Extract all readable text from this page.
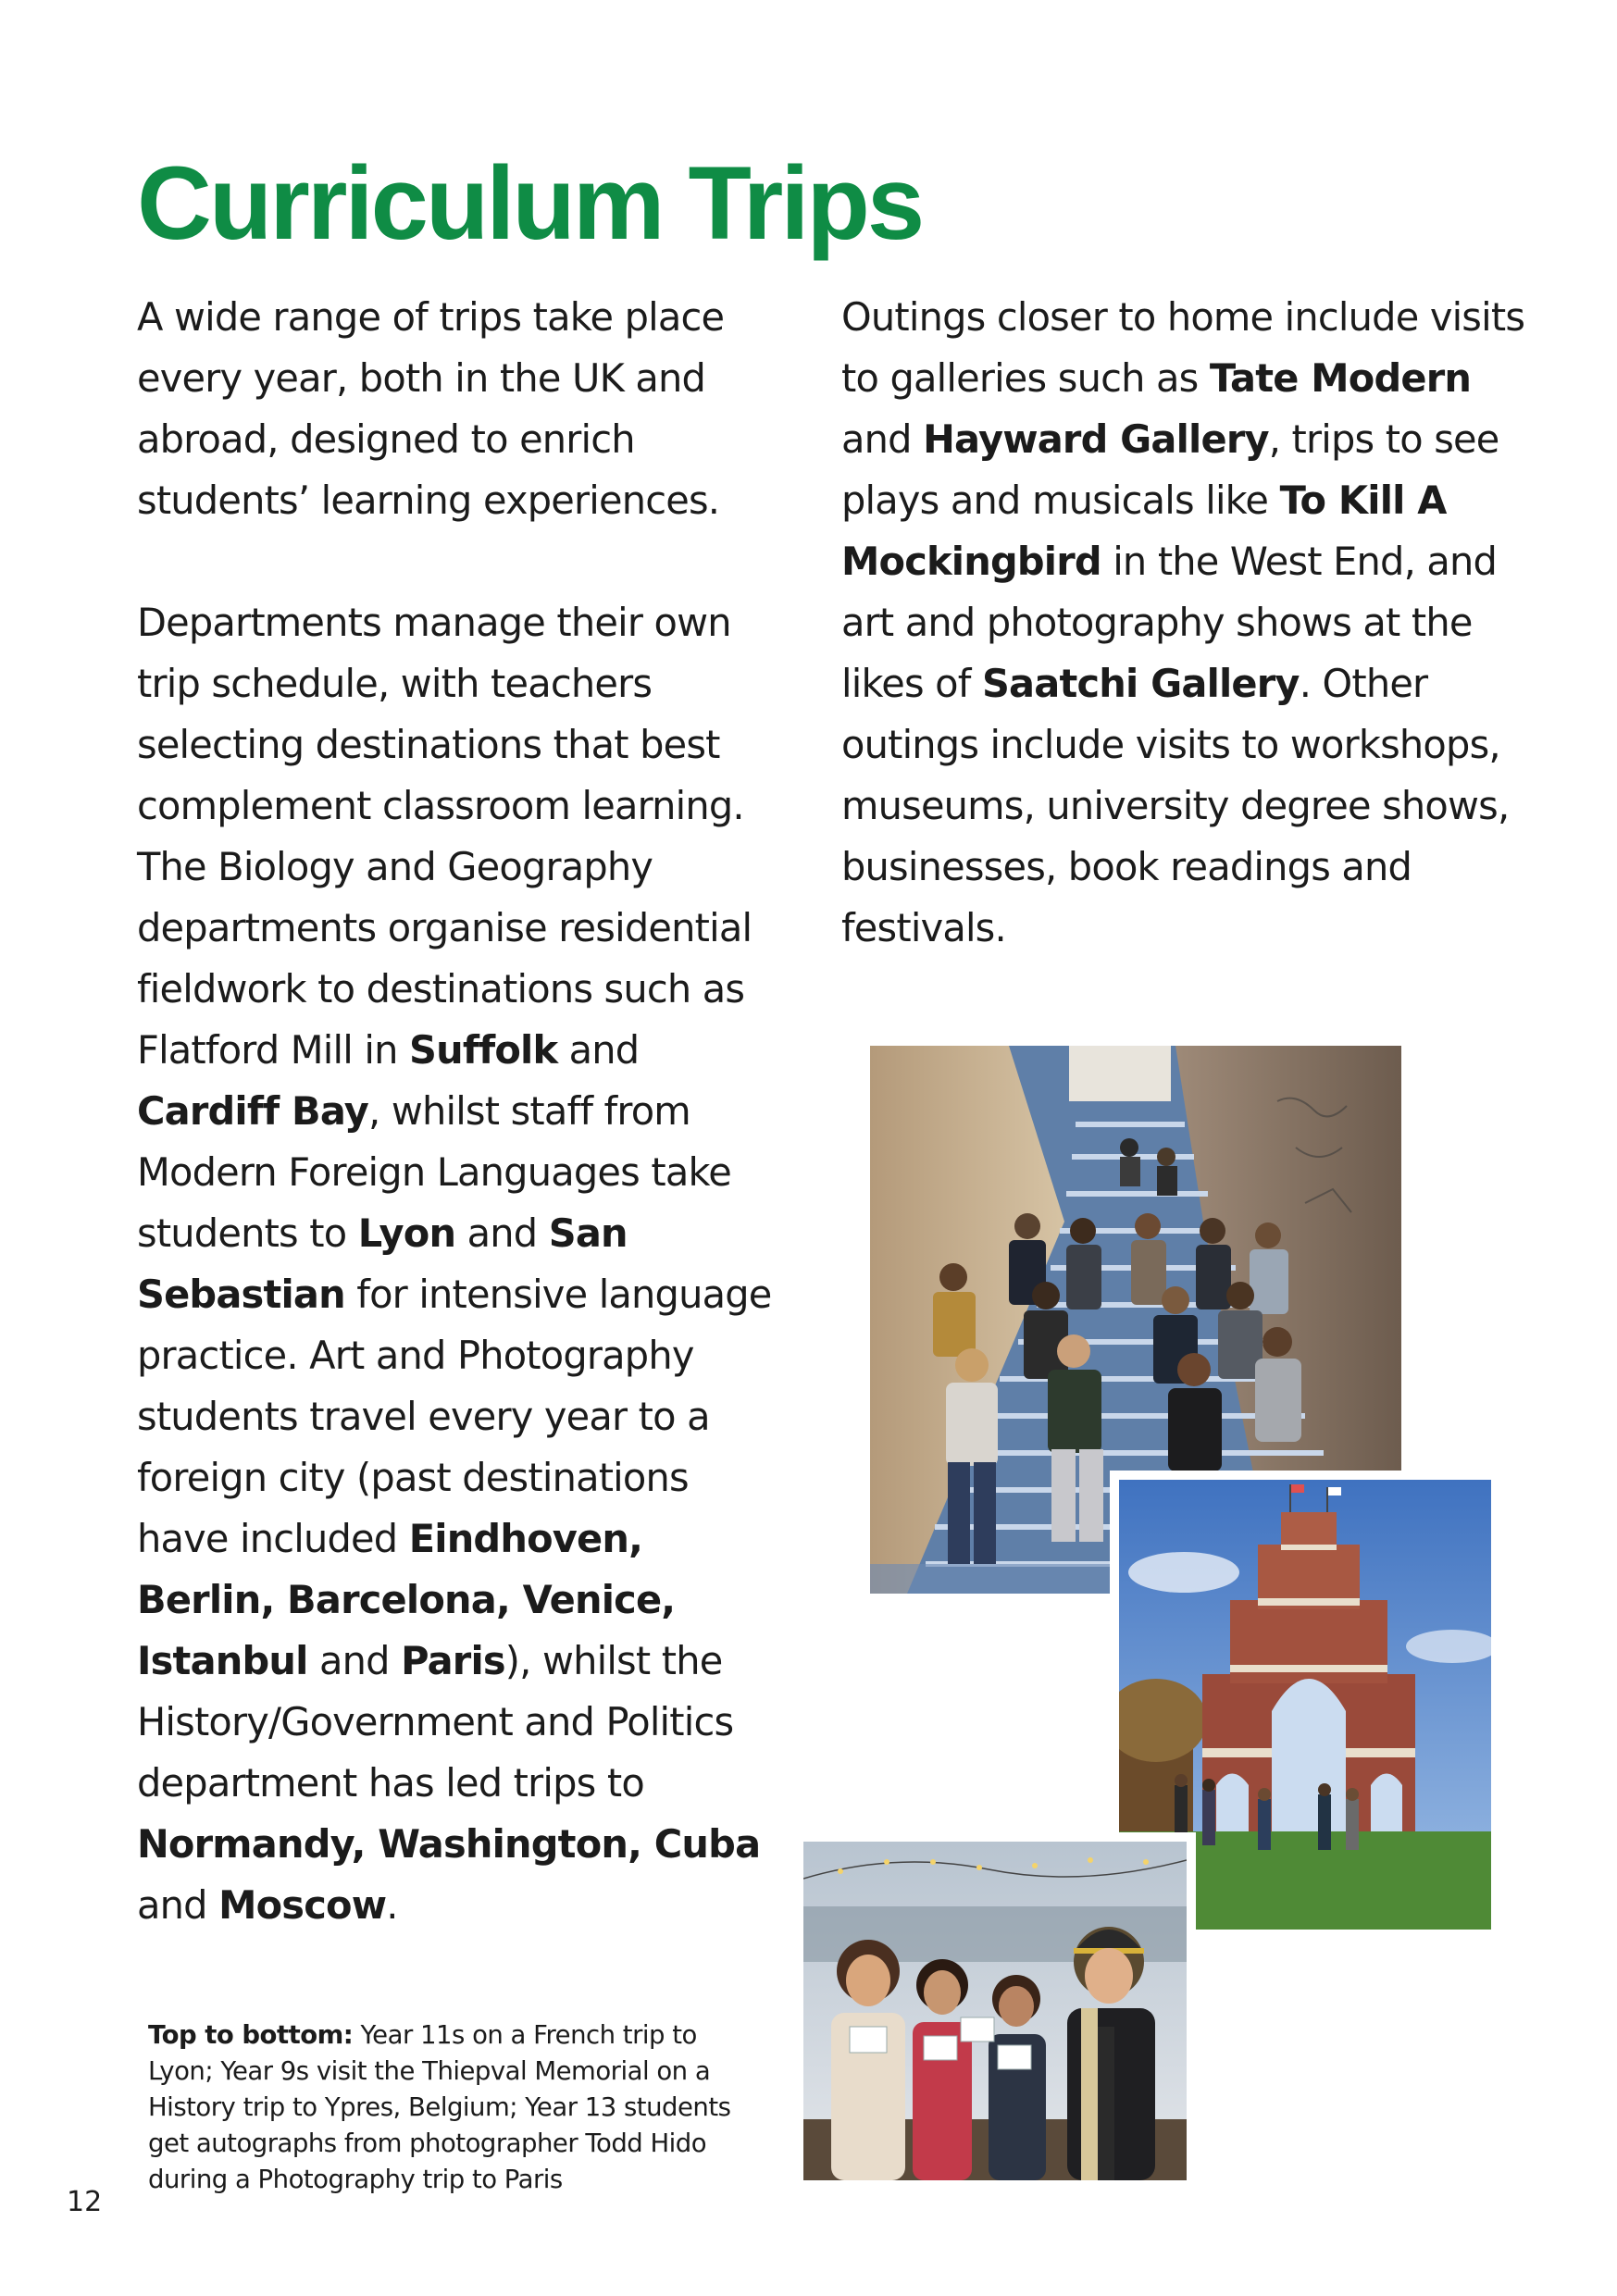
Curriculum Trips

A wide range of trips take place every year, both in the UK and abroad, designed to enrich students’ learning experiences.

Departments manage their own trip schedule, with teachers selecting destinations that best complement classroom learning. The Biology and Geography departments organise residential fieldwork to destinations such as Flatford Mill in Suffolk and Cardiff Bay, whilst staff from Modern Foreign Languages take students to Lyon and San Sebastian for intensive language practice. Art and Photography students travel every year to a foreign city (past destinations have included Eindhoven, Berlin, Barcelona, Venice, Istanbul and Paris), whilst the History/Government and Politics department has led trips to Normandy, Washington, Cuba and Moscow.

Outings closer to home include visits to galleries such as Tate Modern and Hayward Gallery, trips to see plays and musicals like To Kill A Mockingbird in the West End, and art and photography shows at the likes of Saatchi Gallery. Other outings include visits to workshops, museums, university degree shows, businesses, book readings and festivals.

Top to bottom: Year 11s on a French trip to Lyon; Year 9s visit the Thiepval Memorial on a History trip to Ypres, Belgium; Year 13 students get autographs from photographer Todd Hido during a Photography trip to Paris

12
